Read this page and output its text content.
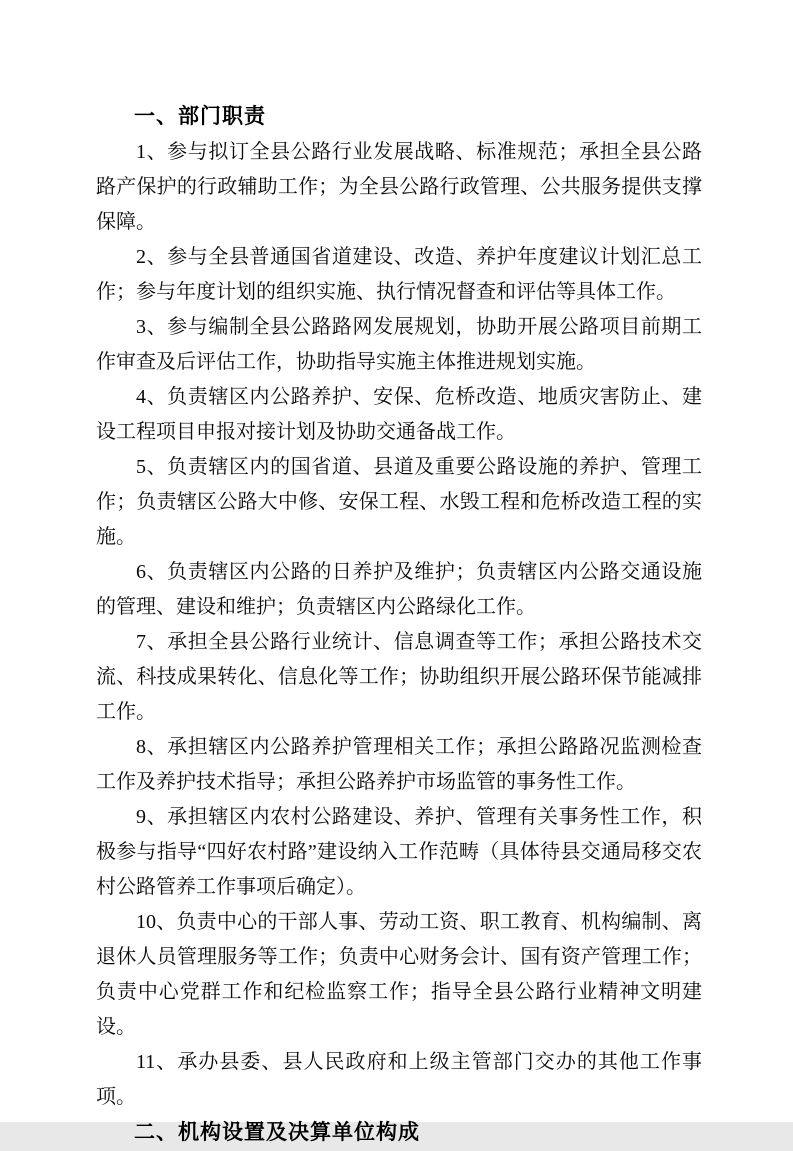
一、部门职责

1、参与拟订全县公路行业发展战略、标准规范；承担全县公路路产保护的行政辅助工作；为全县公路行政管理、公共服务提供支撑保障。

2、参与全县普通国省道建设、改造、养护年度建议计划汇总工作；参与年度计划的组织实施、执行情况督查和评估等具体工作。

3、参与编制全县公路路网发展规划，协助开展公路项目前期工作审查及后评估工作，协助指导实施主体推进规划实施。

4、负责辖区内公路养护、安保、危桥改造、地质灾害防止、建设工程项目申报对接计划及协助交通备战工作。

5、负责辖区内的国省道、县道及重要公路设施的养护、管理工作；负责辖区公路大中修、安保工程、水毁工程和危桥改造工程的实施。

6、负责辖区内公路的日养护及维护；负责辖区内公路交通设施的管理、建设和维护；负责辖区内公路绿化工作。

7、承担全县公路行业统计、信息调查等工作；承担公路技术交流、科技成果转化、信息化等工作；协助组织开展公路环保节能减排工作。

8、承担辖区内公路养护管理相关工作；承担公路路况监测检查工作及养护技术指导；承担公路养护市场监管的事务性工作。

9、承担辖区内农村公路建设、养护、管理有关事务性工作，积极参与指导“四好农村路”建设纳入工作范畴（具体待县交通局移交农村公路管养工作事项后确定）。

10、负责中心的干部人事、劳动工资、职工教育、机构编制、离退休人员管理服务等工作；负责中心财务会计、国有资产管理工作；负责中心党群工作和纪检监察工作；指导全县公路行业精神文明建设。

11、承办县委、县人民政府和上级主管部门交办的其他工作事项。

二、机构设置及决算单位构成
